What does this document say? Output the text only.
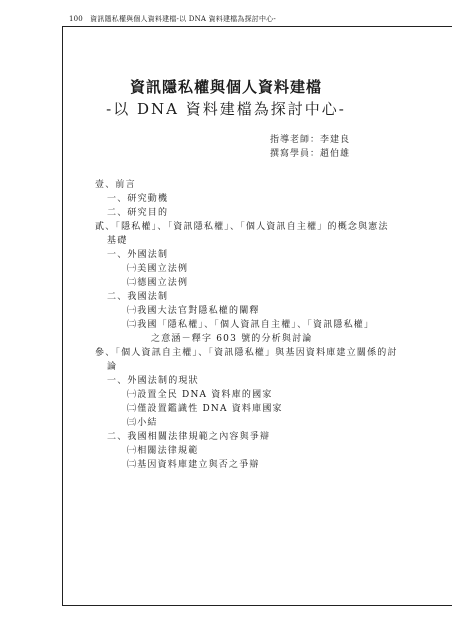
100　資訊隱私權與個人資料建檔-以 DNA 資料建檔為探討中心-
資訊隱私權與個人資料建檔
-以 DNA 資料建檔為探討中心-
指導老師：李建良
撰寫學員：趙伯雄
壹、前言
一、研究動機
二、研究目的
貳、「隱私權」、「資訊隱私權」、「個人資訊自主權」的概念與憲法
基礎
一、外國法制
㈠美國立法例
㈡德國立法例
二、我國法制
㈠我國大法官對隱私權的闡釋
㈡我國「隱私權」、「個人資訊自主權」、「資訊隱私權」
之意涵－釋字 603 號的分析與討論
參、「個人資訊自主權」、「資訊隱私權」與基因資料庫建立關係的討
論
一、外國法制的現狀
㈠設置全民 DNA 資料庫的國家
㈡僅設置鑑識性 DNA 資料庫國家
㈢小結
二、我國相關法律規範之內容與爭辯
㈠相關法律規範
㈡基因資料庫建立與否之爭辯
